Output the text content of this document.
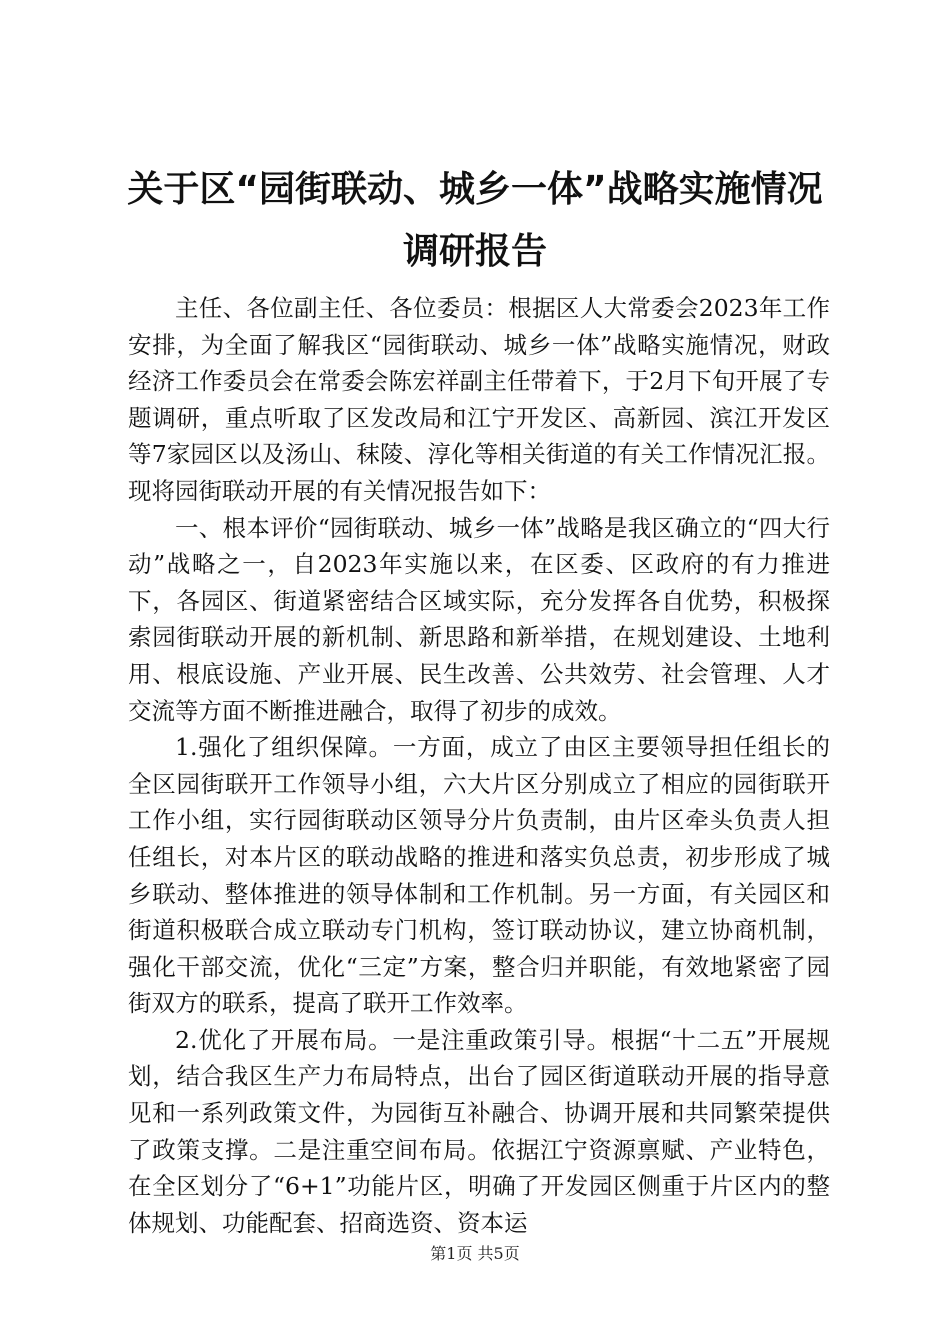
关于区“园街联动、城乡一体”战略实施情况
调研报告

主任、各位副主任、各位委员：根据区人大常委会2023年工作安排，为全面了解我区“园街联动、城乡一体”战略实施情况，财政经济工作委员会在常委会陈宏祥副主任带着下，于2月下旬开展了专题调研，重点听取了区发改局和江宁开发区、高新园、滨江开发区等7家园区以及汤山、秣陵、淳化等相关街道的有关工作情况汇报。现将园街联动开展的有关情况报告如下：

一、根本评价“园街联动、城乡一体”战略是我区确立的“四大行动”战略之一，自2023年实施以来，在区委、区政府的有力推进下，各园区、街道紧密结合区域实际，充分发挥各自优势，积极探索园街联动开展的新机制、新思路和新举措，在规划建设、土地利用、根底设施、产业开展、民生改善、公共效劳、社会管理、人才交流等方面不断推进融合，取得了初步的成效。

1.强化了组织保障。一方面，成立了由区主要领导担任组长的全区园街联开工作领导小组，六大片区分别成立了相应的园街联开工作小组，实行园街联动区领导分片负责制，由片区牵头负责人担任组长，对本片区的联动战略的推进和落实负总责，初步形成了城乡联动、整体推进的领导体制和工作机制。另一方面，有关园区和街道积极联合成立联动专门机构，签订联动协议，建立协商机制，强化干部交流，优化“三定”方案，整合归并职能，有效地紧密了园街双方的联系，提高了联开工作效率。

2.优化了开展布局。一是注重政策引导。根据“十二五”开展规划，结合我区生产力布局特点，出台了园区街道联动开展的指导意见和一系列政策文件，为园街互补融合、协调开展和共同繁荣提供了政策支撑。二是注重空间布局。依据江宁资源禀赋、产业特色，在全区划分了“6+1”功能片区，明确了开发园区侧重于片区内的整体规划、功能配套、招商选资、资本运

第1页 共5页
